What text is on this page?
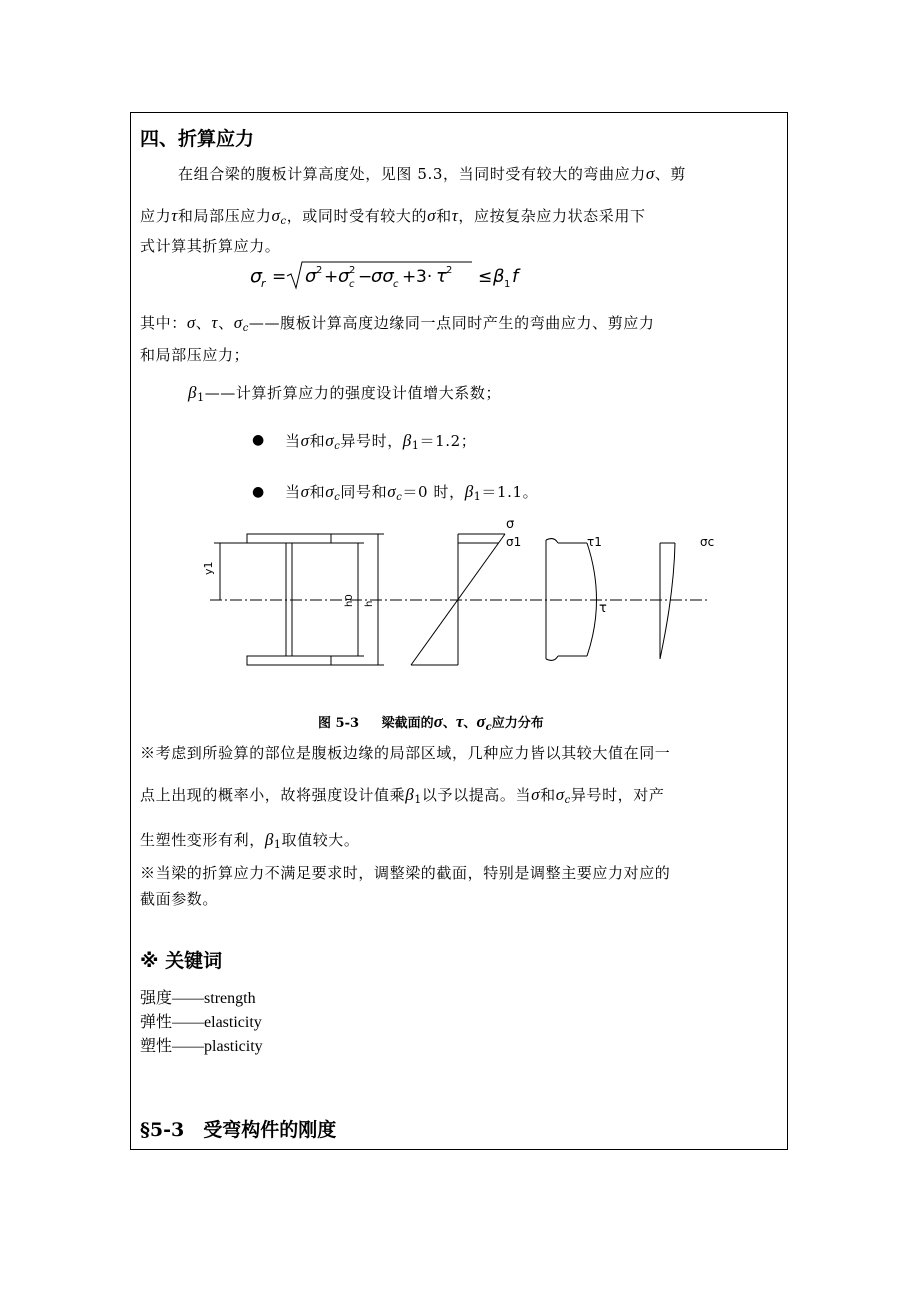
四、折算应力
在组合梁的腹板计算高度处，见图 5.3，当同时受有较大的弯曲应力σ、剪
应力τ和局部压应力$\sigma_c$，或同时受有较大的σ和τ，应按复杂应力状态采用下
式计算其折算应力。
σ
r = σ 2 + σ 2
c −
σσ c + 3· τ 2 ≤ β 1 f
其中：σ、τ、$\sigma_c——$腹板计算高度边缘同一点同时产生的弯曲应力、剪应力
和局部压应力；
$\beta_1——$计算折算应力的强度设计值增大系数；
● 当σ和$\sigma_c$异号时，$\beta_1=1.2$；
● 当σ和$\sigma_c$同号和$\sigma_c=0$ 时，$\beta_1=1.1$。
y1
h0 h
σ
σ1	τ1
τ
σc
图 5-3 梁截面的σ、τ、$\sigma_c$应力分布
※考虑到所验算的部位是腹板边缘的局部区域，几种应力皆以其较大值在同一
点上出现的概率小，故将强度设计值乘$\beta_1$以予以提高。当σ和$\sigma_c$异号时，对产
生塑性变形有利，$\beta_1$取值较大。
※当梁的折算应力不满足要求时，调整梁的截面，特别是调整主要应力对应的
截面参数。
※ 关键词
强度——strength
弹性——elasticity
塑性——plasticity
§5-3　受弯构件的刚度
